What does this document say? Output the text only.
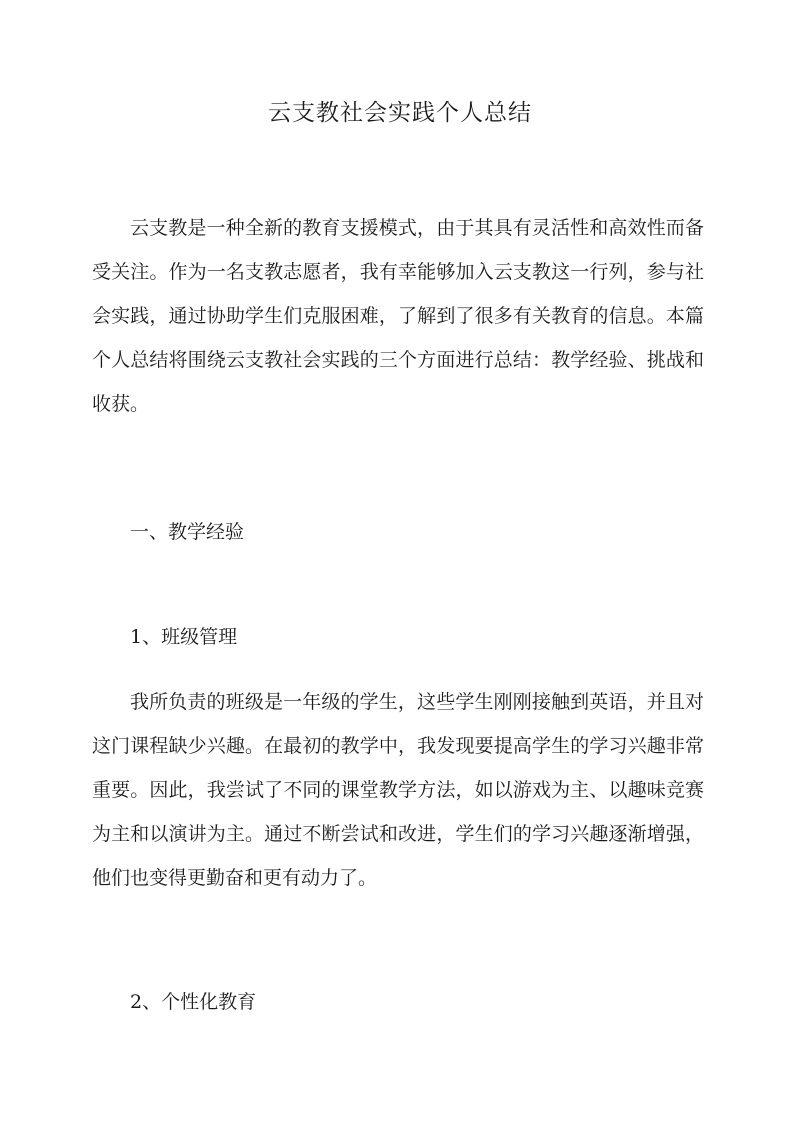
云支教社会实践个人总结

云支教是一种全新的教育支援模式，由于其具有灵活性和高效性而备受关注。作为一名支教志愿者，我有幸能够加入云支教这一行列，参与社会实践，通过协助学生们克服困难，了解到了很多有关教育的信息。本篇个人总结将围绕云支教社会实践的三个方面进行总结：教学经验、挑战和收获。

一、教学经验

1、班级管理

我所负责的班级是一年级的学生，这些学生刚刚接触到英语，并且对这门课程缺少兴趣。在最初的教学中，我发现要提高学生的学习兴趣非常重要。因此，我尝试了不同的课堂教学方法，如以游戏为主、以趣味竞赛为主和以演讲为主。通过不断尝试和改进，学生们的学习兴趣逐渐增强，他们也变得更勤奋和更有动力了。

2、个性化教育
